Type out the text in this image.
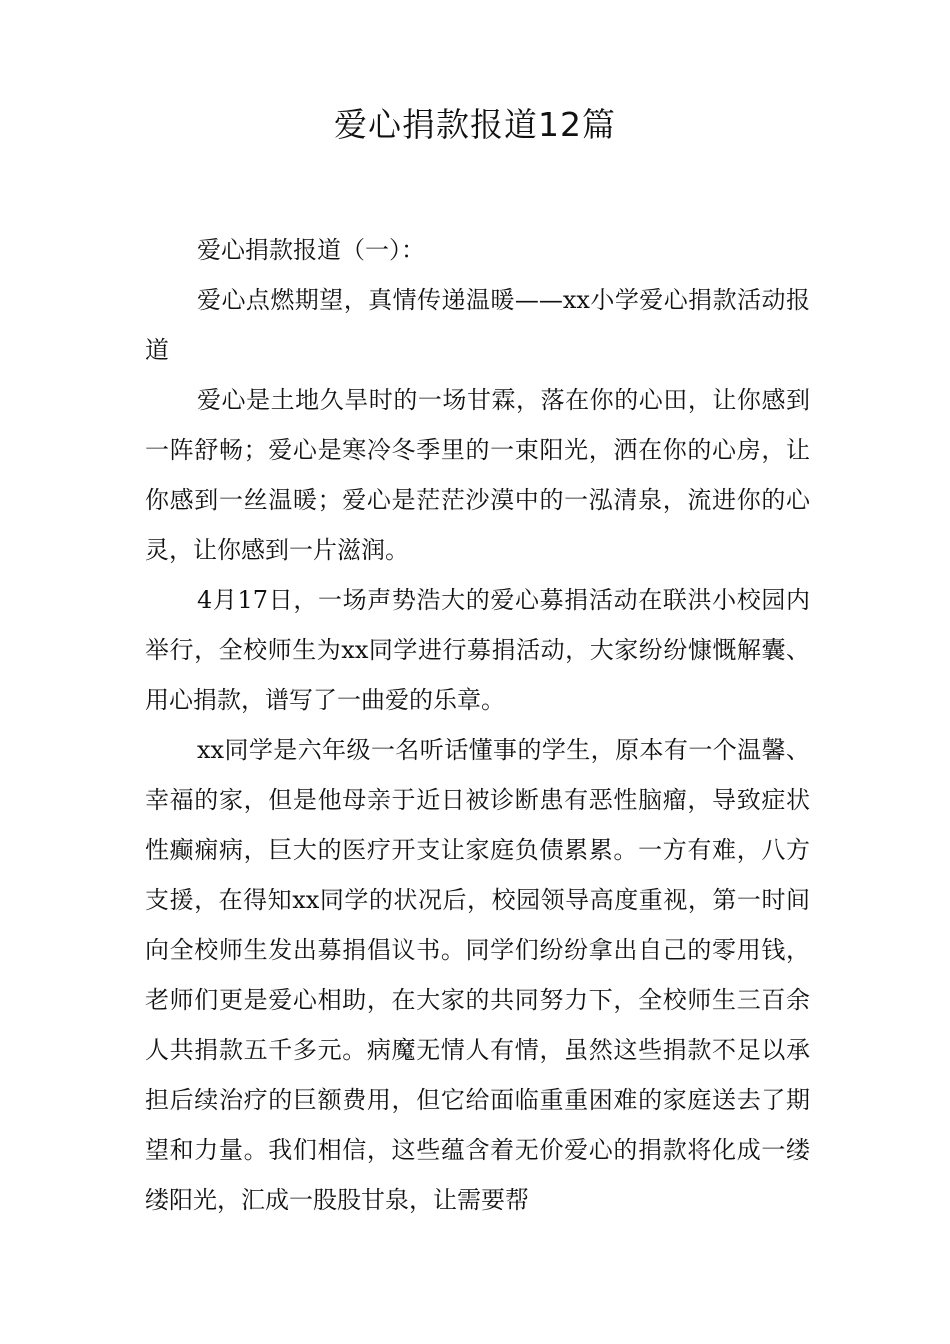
爱心捐款报道12篇

爱心捐款报道（一）：

爱心点燃期望，真情传递温暖——xx小学爱心捐款活动报道

爱心是土地久旱时的一场甘霖，落在你的心田，让你感到一阵舒畅；爱心是寒冷冬季里的一束阳光，洒在你的心房，让你感到一丝温暖；爱心是茫茫沙漠中的一泓清泉，流进你的心灵，让你感到一片滋润。

4月17日，一场声势浩大的爱心募捐活动在联洪小校园内举行，全校师生为xx同学进行募捐活动，大家纷纷慷慨解囊、用心捐款，谱写了一曲爱的乐章。

xx同学是六年级一名听话懂事的学生，原本有一个温馨、幸福的家，但是他母亲于近日被诊断患有恶性脑瘤，导致症状性癫痫病，巨大的医疗开支让家庭负债累累。一方有难，八方支援，在得知xx同学的状况后，校园领导高度重视，第一时间向全校师生发出募捐倡议书。同学们纷纷拿出自己的零用钱，老师们更是爱心相助，在大家的共同努力下，全校师生三百余人共捐款五千多元。病魔无情人有情，虽然这些捐款不足以承担后续治疗的巨额费用，但它给面临重重困难的家庭送去了期望和力量。我们相信，这些蕴含着无价爱心的捐款将化成一缕缕阳光，汇成一股股甘泉，让需要帮
